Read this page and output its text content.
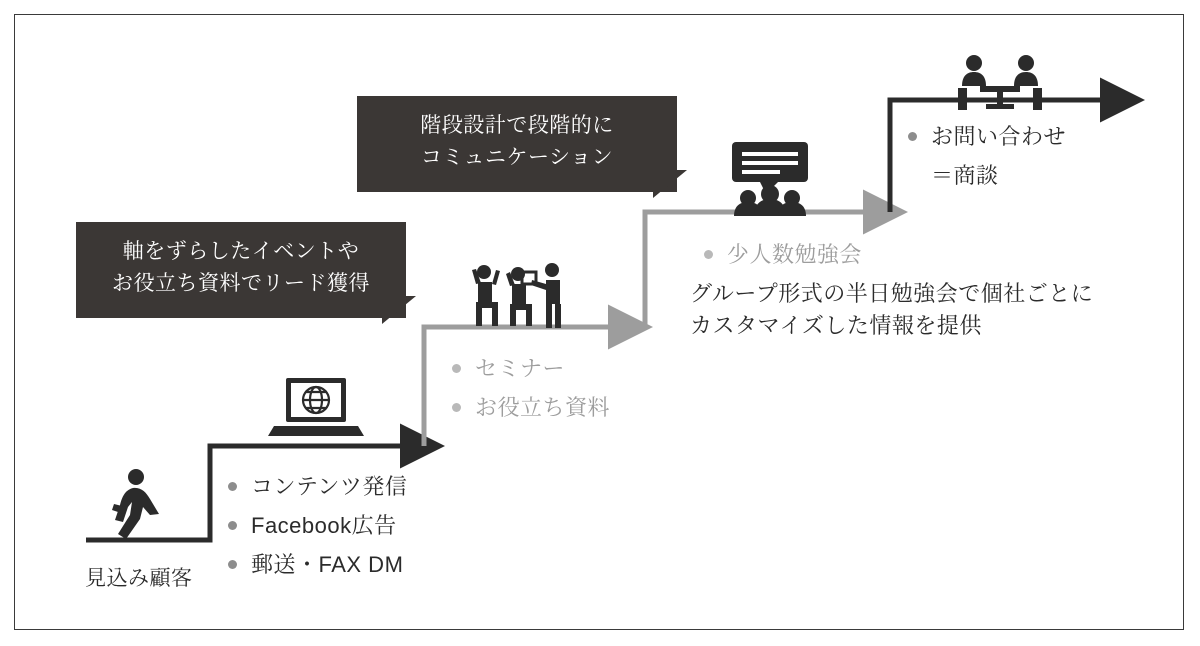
階段設計で段階的に
コミュニケーション
軸をずらしたイベントや
お役立ち資料でリード獲得
コンテンツ発信
Facebook広告
郵送・FAX DM
セミナー
お役立ち資料
少人数勉強会
グループ形式の半日勉強会で個社ごとに
カスタマイズした情報を提供
お問い合わせ
＝商談
見込み顧客
